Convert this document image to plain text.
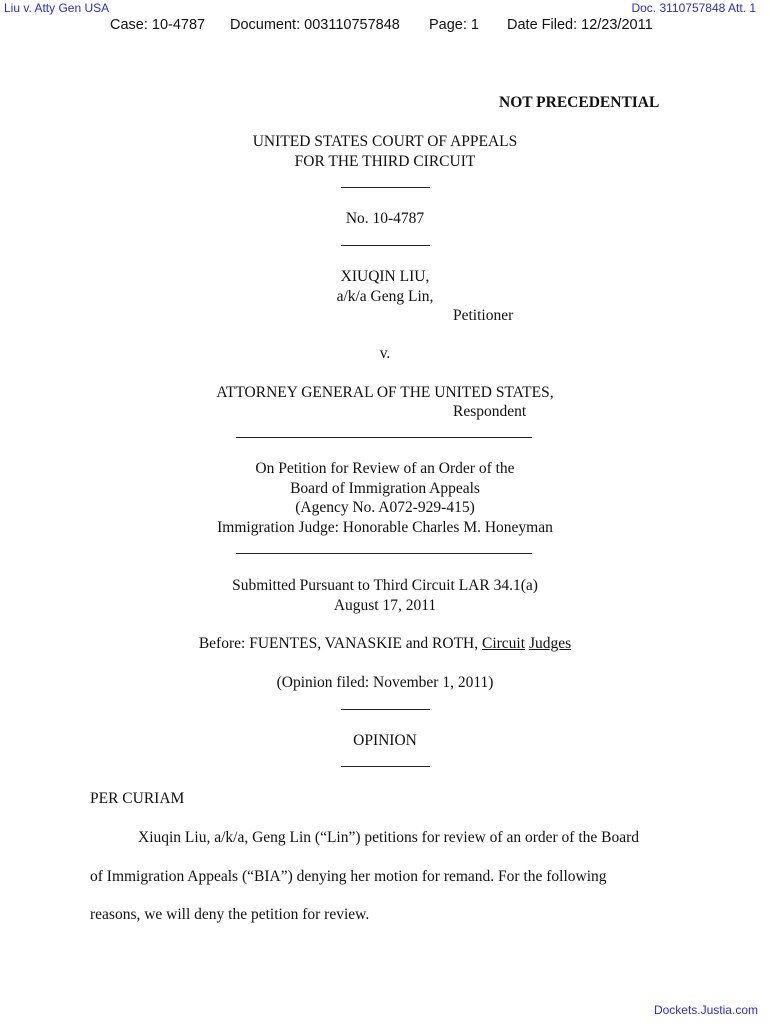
Liu v. Atty Gen USA	Doc. 3110757848 Att. 1
Case: 10-4787 Document: 003110757848 Page: 1 Date Filed: 12/23/2011
NOT PRECEDENTIAL
UNITED STATES COURT OF APPEALS
FOR THE THIRD CIRCUIT
No. 10-4787
XIUQIN LIU,
a/k/a Geng Lin,
Petitioner
v.
ATTORNEY GENERAL OF THE UNITED STATES,
Respondent
On Petition for Review of an Order of the
Board of Immigration Appeals
(Agency No. A072-929-415)
Immigration Judge: Honorable Charles M. Honeyman
Submitted Pursuant to Third Circuit LAR 34.1(a)
August 17, 2011
Before: FUENTES, VANASKIE and ROTH, Circuit Judges
(Opinion filed: November 1, 2011)
OPINION
PER CURIAM
Xiuqin Liu, a/k/a, Geng Lin (“Lin”) petitions for review of an order of the Board
of Immigration Appeals (“BIA”) denying her motion for remand. For the following
reasons, we will deny the petition for review.
Dockets.Justia.com
